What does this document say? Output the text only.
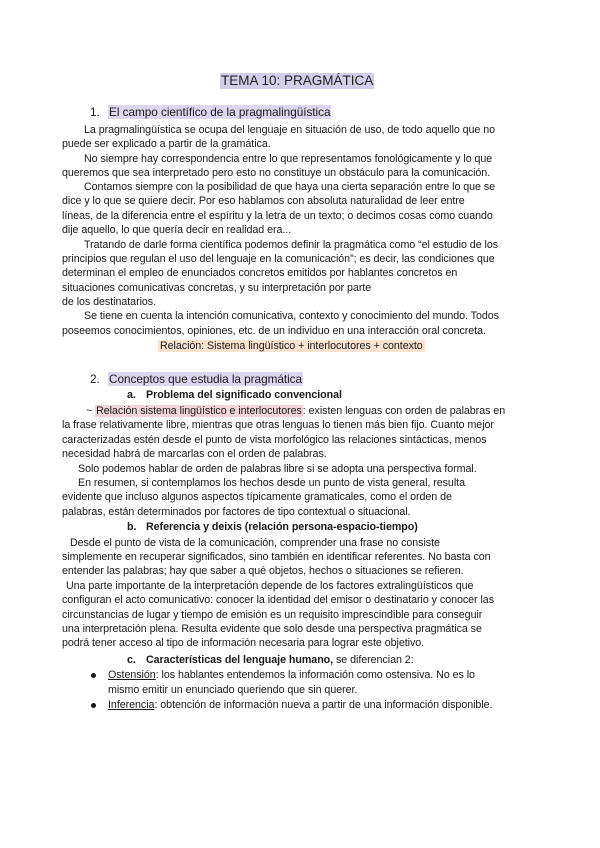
TEMA 10: PRAGMÁTICA
1. El campo científico de la pragmalingüística
La pragmalingüística se ocupa del lenguaje en situación de uso, de todo aquello que no
puede ser explicado a partir de la gramática.
No siempre hay correspondencia entre lo que representamos fonológicamente y lo que
queremos que sea interpretado pero esto no constituye un obstáculo para la comunicación.
Contamos siempre con la posibilidad de que haya una cierta separación entre lo que se
dice y lo que se quiere decir. Por eso hablamos con absoluta naturalidad de leer entre
líneas, de la diferencia entre el espíritu y la letra de un texto; o decimos cosas como cuando
dije aquello, lo que quería decir en realidad era...
Tratando de darle forma científica podemos definir la pragmática como “el estudio de los
principios que regulan el uso del lenguaje en la comunicación”; es decir, las condiciones que
determinan el empleo de enunciados concretos emitidos por hablantes concretos en
situaciones comunicativas concretas, y su interpretación por parte
de los destinatarios.
Se tiene en cuenta la intención comunicativa, contexto y conocimiento del mundo. Todos
poseemos conocimientos, opiniones, etc. de un individuo en una interacción oral concreta.
Relación: Sistema lingüístico + interlocutores + contexto
2. Conceptos que estudia la pragmática
a. Problema del significado convencional
~ Relación sistema lingüístico e interlocutores: existen lenguas con orden de palabras en
la frase relativamente libre, mientras que otras lenguas lo tienen más bien fijo. Cuanto mejor
caracterizadas estén desde el punto de vista morfológico las relaciones sintácticas, menos
necesidad habrá de marcarlas con el orden de palabras.
Solo podemos hablar de orden de palabras libre si se adopta una perspectiva formal.
En resumen, si contemplamos los hechos desde un punto de vista general, resulta
evidente que incluso algunos aspectos típicamente gramaticales, como el orden de
palabras, están determinados por factores de tipo contextual o situacional.
b. Referencia y deixis (relación persona-espacio-tiempo)
Desde el punto de vista de la comunicación, comprender una frase no consiste
simplemente en recuperar significados, sino también en identificar referentes. No basta con
entender las palabras; hay que saber a qué objetos, hechos o situaciones se refieren.
Una parte importante de la interpretación depende de los factores extralingüísticos que
configuran el acto comunicativo: conocer la identidad del emisor o destinatario y conocer las
circunstancias de lugar y tiempo de emisión es un requisito imprescindible para conseguir
una interpretación plena. Resulta evidente que solo desde una perspectiva pragmática se
podrá tener acceso al tipo de información necesaria para lograr este objetivo.
c. Características del lenguaje humano, se diferencian 2:
Ostensión: los hablantes entendemos la información como ostensiva. No es lo
mismo emitir un enunciado queriendo que sin querer.
Inferencia: obtención de información nueva a partir de una información disponible.
